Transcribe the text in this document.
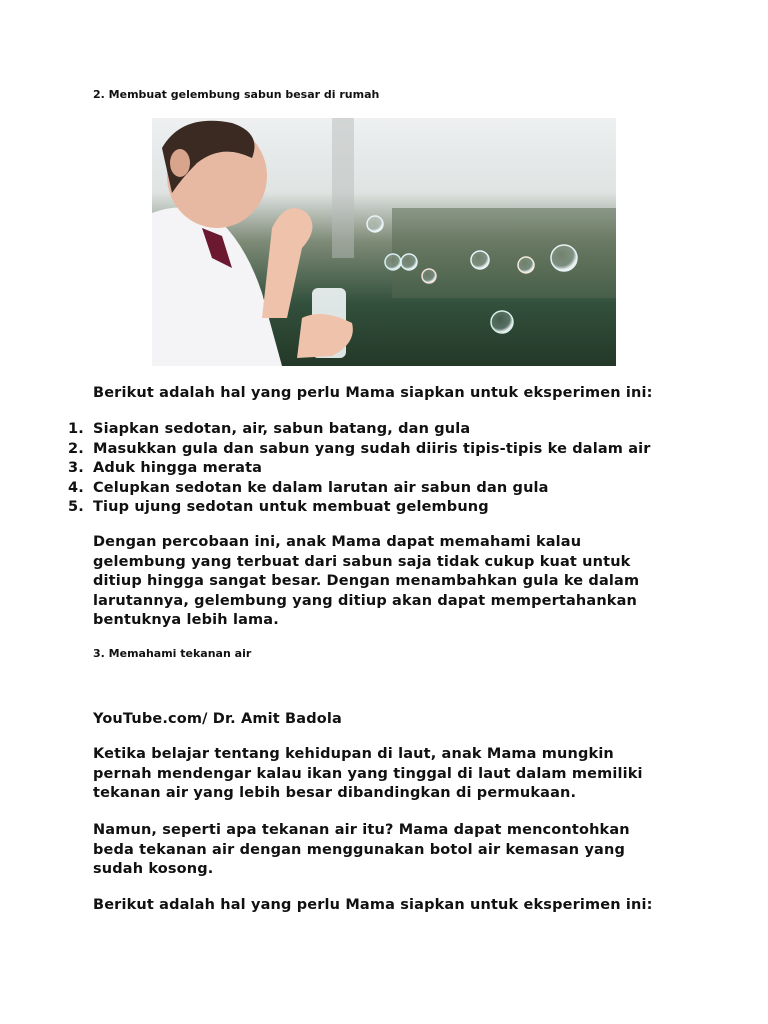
2. Membuat gelembung sabun besar di rumah

Berikut adalah hal yang perlu Mama siapkan untuk eksperimen ini:

1. Siapkan sedotan, air, sabun batang, dan gula
2. Masukkan gula dan sabun yang sudah diiris tipis-tipis ke dalam air
3. Aduk hingga merata
4. Celupkan sedotan ke dalam larutan air sabun dan gula
5. Tiup ujung sedotan untuk membuat gelembung

Dengan percobaan ini, anak Mama dapat memahami kalau
gelembung yang terbuat dari sabun saja tidak cukup kuat untuk
ditiup hingga sangat besar. Dengan menambahkan gula ke dalam
larutannya, gelembung yang ditiup akan dapat mempertahankan
bentuknya lebih lama.

3. Memahami tekanan air

YouTube.com/ Dr. Amit Badola

Ketika belajar tentang kehidupan di laut, anak Mama mungkin
pernah mendengar kalau ikan yang tinggal di laut dalam memiliki
tekanan air yang lebih besar dibandingkan di permukaan.

Namun, seperti apa tekanan air itu? Mama dapat mencontohkan
beda tekanan air dengan menggunakan botol air kemasan yang
sudah kosong.

Berikut adalah hal yang perlu Mama siapkan untuk eksperimen ini:
